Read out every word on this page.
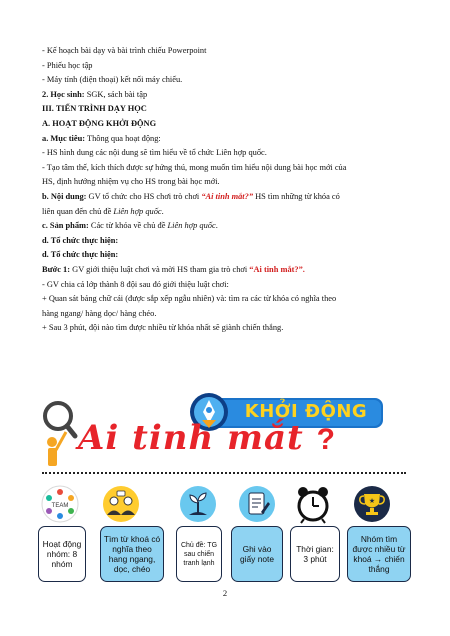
- Kế hoạch bài dạy và bài trình chiếu Powerpoint

- Phiếu học tập

- Máy tính (điện thoại) kết nối máy chiếu.

2. Học sinh: SGK, sách bài tập

III. TIẾN TRÌNH DẠY HỌC

A. HOẠT ĐỘNG KHỞI ĐỘNG

a. Mục tiêu: Thông qua hoạt động:

- HS hình dung các nội dung sẽ tìm hiểu về tổ chức Liên hợp quốc.

- Tạo tâm thế, kích thích được sự hứng thú, mong muốn tìm hiểu nội dung bài học mới của

HS, định hướng nhiệm vụ cho HS trong bài học mới.

b. Nội dung: GV tổ chức cho HS chơi trò chơi “Ai tinh mắt?” HS tìm những từ khóa có

liên quan đến chủ đề Liên hợp quốc.

c. Sản phẩm: Các từ khóa về chủ đề Liên hợp quốc.

d. Tổ chức thực hiện:

d. Tổ chức thực hiện:

Bước 1: GV giới thiệu luật chơi và mời HS tham gia trò chơi “Ai tinh mắt?”.

- GV chia cả lớp thành 8 đội sau đó giới thiệu luật chơi:

+ Quan sát bảng chữ cái (được sắp xếp ngẫu nhiên) và: tìm ra các từ khóa có nghĩa theo

hàng ngang/ hàng dọc/ hàng chéo.

+ Sau 3 phút, đội nào tìm được nhiều từ khóa nhất sẽ giành chiến thắng.

KHỞI ĐỘNG
Ai tinh mắt ?
TEAM
★
Hoạt động nhóm: 8 nhóm
Tìm từ khoá có nghĩa theo hang ngang, dọc, chéo
Chủ đề: TG sau chiến tranh lạnh
Ghi vào giấy note
Thời gian: 3 phút
Nhóm tìm được nhiều từ khoá → chiến thắng
2
